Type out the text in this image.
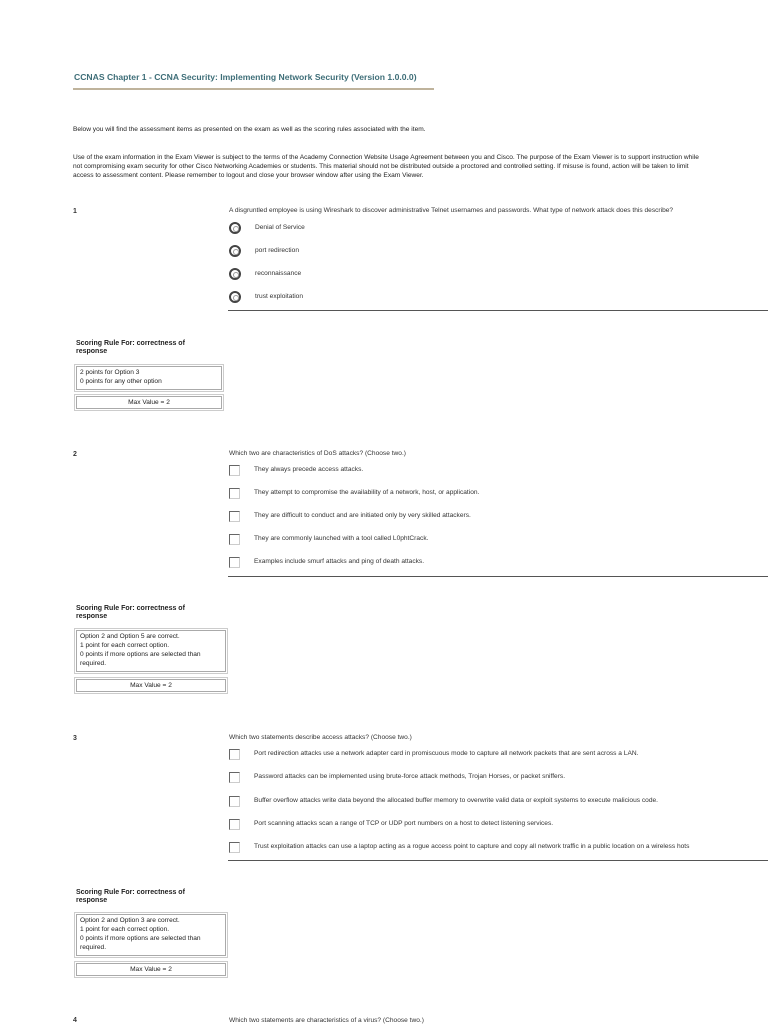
CCNAS Chapter 1 - CCNA Security: Implementing Network Security (Version 1.0.0.0)
Below you will find the assessment items as presented on the exam as well as the scoring rules associated with the item.
Use of the exam information in the Exam Viewer is subject to the terms of the Academy Connection Website Usage Agreement between you and Cisco. The purpose of the Exam Viewer is to support instruction while not compromising exam security for other Cisco Networking Academies or students. This material should not be distributed outside a proctored and controlled setting. If misuse is found, action will be taken to limit access to assessment content. Please remember to logout and close your browser window after using the Exam Viewer.
1	A disgruntled employee is using Wireshark to discover administrative Telnet usernames and passwords. What type of network attack does this describe?
Denial of Service
port redirection
reconnaissance
trust exploitation
Scoring Rule For: correctness of response
2 points for Option 3
0 points for any other option
Max Value = 2
2	Which two are characteristics of DoS attacks? (Choose two.)
They always precede access attacks.
They attempt to compromise the availability of a network, host, or application.
They are difficult to conduct and are initiated only by very skilled attackers.
They are commonly launched with a tool called L0phtCrack.
Examples include smurf attacks and ping of death attacks.
Scoring Rule For: correctness of response
Option 2 and Option 5 are correct.
1 point for each correct option.
0 points if more options are selected than required.
Max Value = 2
3	Which two statements describe access attacks? (Choose two.)
Port redirection attacks use a network adapter card in promiscuous mode to capture all network packets that are sent across a LAN.
Password attacks can be implemented using brute-force attack methods, Trojan Horses, or packet sniffers.
Buffer overflow attacks write data beyond the allocated buffer memory to overwrite valid data or exploit systems to execute malicious code.
Port scanning attacks scan a range of TCP or UDP port numbers on a host to detect listening services.
Trust exploitation attacks can use a laptop acting as a rogue access point to capture and copy all network traffic in a public location on a wireless hots
Scoring Rule For: correctness of response
Option 2 and Option 3 are correct.
1 point for each correct option.
0 points if more options are selected than required.
Max Value = 2
4	Which two statements are characteristics of a virus? (Choose two.)
